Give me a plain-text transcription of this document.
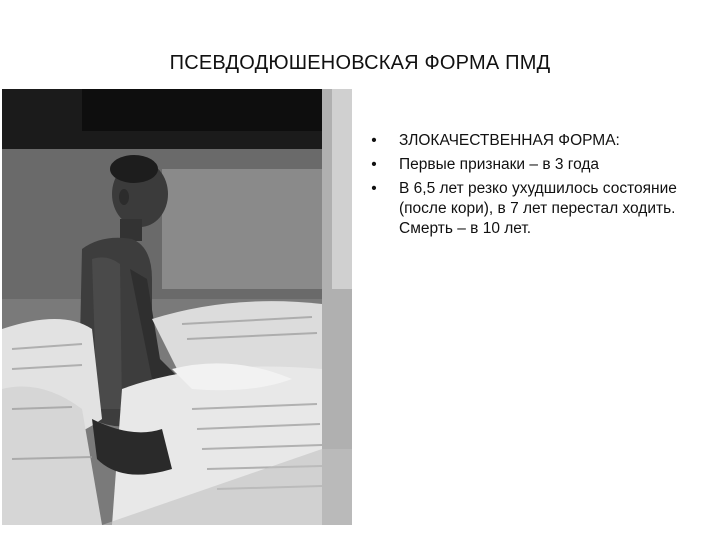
ПСЕВДОДЮШЕНОВСКАЯ ФОРМА ПМД
• ЗЛОКАЧЕСТВЕННАЯ ФОРМА:
• Первые признаки – в 3 года
• В 6,5 лет резко ухудшилось состояние (после кори), в 7 лет перестал ходить. Смерть – в 10 лет.
